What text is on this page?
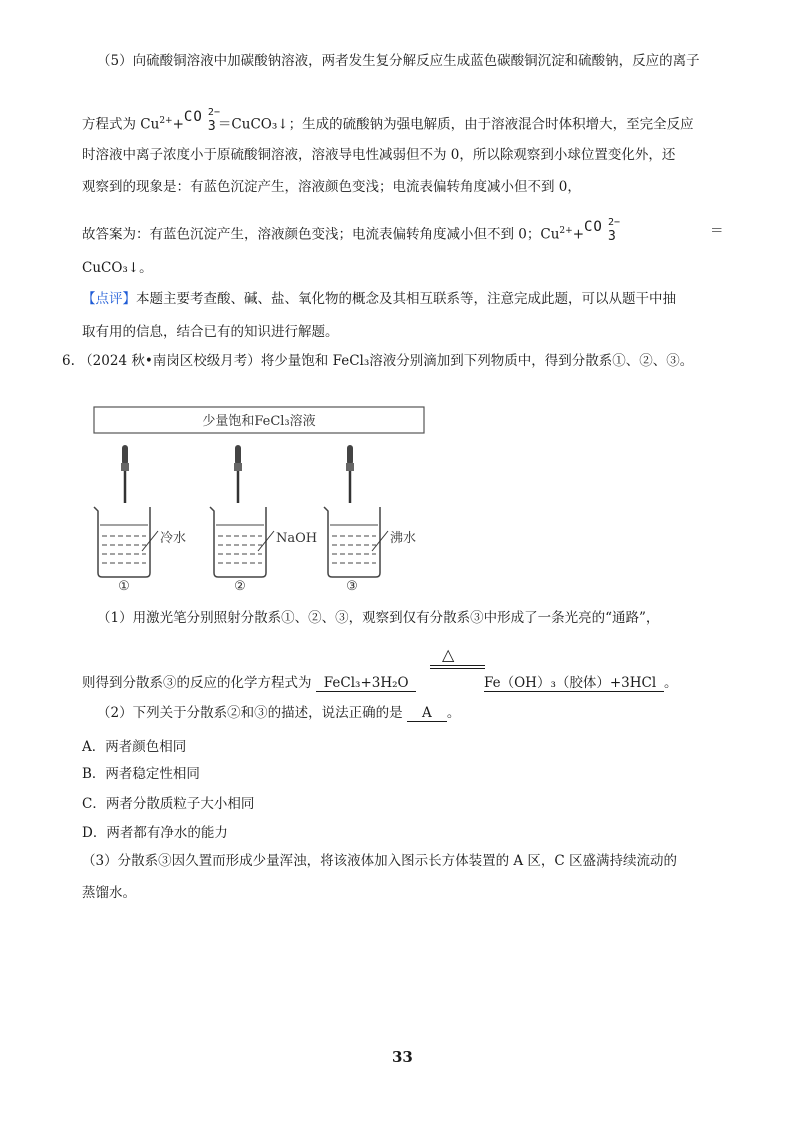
（5）向硫酸铜溶液中加碳酸钠溶液，两者发生复分解反应生成蓝色碳酸铜沉淀和硫酸钠，反应的离子
方程式为 $Cu^{2+}+$ CO 2−
3 ＝CuCO₃↓；生成的硫酸钠为强电解质，由于溶液混合时体积增大，至完全反应
时溶液中离子浓度小于原硫酸铜溶液，溶液导电性减弱但不为 0，所以除观察到小球位置变化外，还
观察到的现象是：有蓝色沉淀产生，溶液颜色变浅；电流表偏转角度减小但不到 0，
故答案为：有蓝色沉淀产生，溶液颜色变浅；电流表偏转角度减小但不到 0；$Cu^{2+}+$ CO 2−
3	＝
CuCO₃↓。
【点评】本题主要考查酸、碱、盐、氧化物的概念及其相互联系等，注意完成此题，可以从题干中抽
取有用的信息，结合已有的知识进行解题。
6. （2024 秋•南岗区校级月考）将少量饱和 FeCl₃溶液分别滴加到下列物质中，得到分散系①、②、③。
少量饱和FeCl₃溶液
冷水
①
NaOH
②
沸水
③
（1）用激光笔分别照射分散系①、②、③，观察到仅有分散系③中形成了一条光亮的“通路”，
△
则得到分散系③的反应的化学方程式为 FeCl₃+3H₂O	Fe（OH）₃（胶体）+3HCl 。
（2）下列关于分散系②和③的描述，说法正确的是 A 。
A．两者颜色相同
B．两者稳定性相同
C．两者分散质粒子大小相同
D．两者都有净水的能力
（3）分散系③因久置而形成少量浑浊，将该液体加入图示长方体装置的 A 区，C 区盛满持续流动的
蒸馏水。
33
